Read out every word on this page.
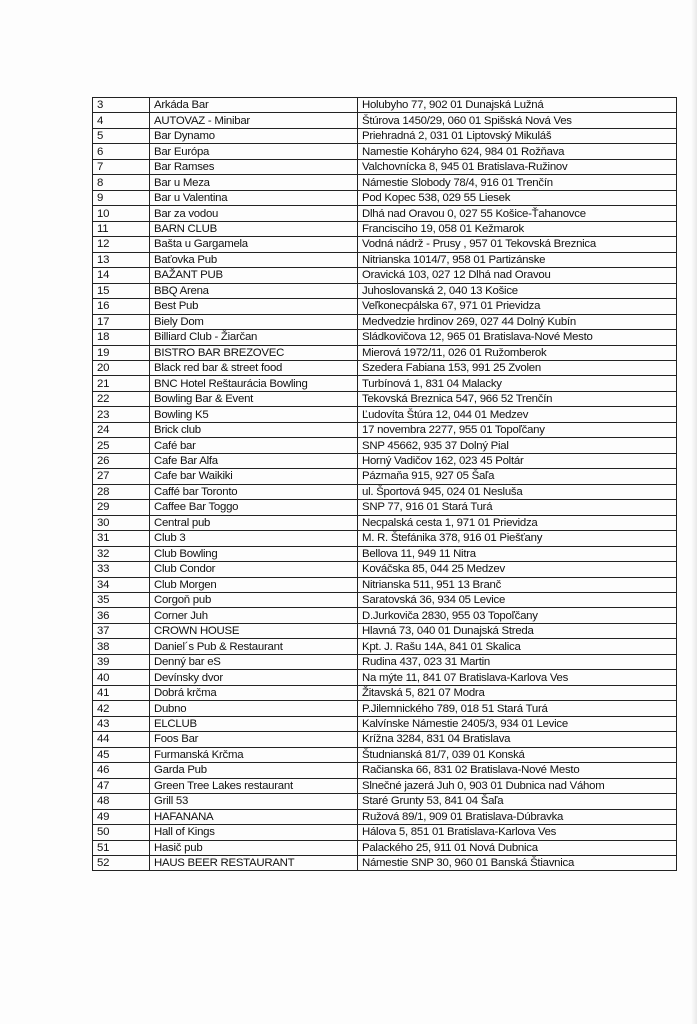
3	Arkáda Bar	Holubyho 77, 902 01 Dunajská Lužná
4	AUTOVAZ - Minibar	Štúrova 1450/29, 060 01 Spišská Nová Ves
5	Bar Dynamo	Priehradná 2, 031 01 Liptovský Mikuláš
6	Bar Európa	Namestie Koháryho 624, 984 01 Rožňava
7	Bar Ramses	Valchovnícka 8, 945 01 Bratislava-Ružinov
8	Bar u Meza	Námestie Slobody 78/4, 916 01 Trenčín
9	Bar u Valentina	Pod Kopec 538, 029 55 Liesek
10	Bar za vodou	Dlhá nad Oravou 0, 027 55 Košice-Ťahanovce
11	BARN CLUB	Francisciho 19, 058 01 Kežmarok
12	Bašta u Gargamela	Vodná nádrž - Prusy , 957 01 Tekovská Breznica
13	Baťovka Pub	Nitrianska 1014/7, 958 01 Partizánske
14	BAŽANT PUB	Oravická 103, 027 12 Dlhá nad Oravou
15	BBQ Arena	Juhoslovanská 2, 040 13 Košice
16	Best Pub	Veľkonecpálska 67, 971 01 Prievidza
17	Biely Dom	Medvedzie hrdinov 269, 027 44 Dolný Kubín
18	Billiard Club - Žiarčan	Sládkovičova 12, 965 01 Bratislava-Nové Mesto
19	BISTRO BAR BREZOVEC	Mierová 1972/11, 026 01 Ružomberok
20	Black red bar & street food	Szedera Fabiana 153, 991 25 Zvolen
21	BNC Hotel Reštaurácia Bowling	Turbínová 1, 831 04 Malacky
22	Bowling Bar & Event	Tekovská Breznica 547, 966 52 Trenčín
23	Bowling K5	Ľudovíta Štúra 12, 044 01 Medzev
24	Brick club	17 novembra 2277, 955 01 Topoľčany
25	Café bar	SNP 45662, 935 37 Dolný Pial
26	Cafe Bar Alfa	Horný Vadičov 162, 023 45 Poltár
27	Cafe bar Waikiki	Pázmaňa 915, 927 05 Šaľa
28	Caffé bar Toronto	ul. Športová 945, 024 01 Nesluša
29	Caffee Bar Toggo	SNP 77, 916 01 Stará Turá
30	Central pub	Necpalská cesta 1, 971 01 Prievidza
31	Club 3	M. R. Štefánika 378, 916 01 Piešťany
32	Club Bowling	Bellova 11, 949 11 Nitra
33	Club Condor	Kováčska 85, 044 25 Medzev
34	Club Morgen	Nitrianska 511, 951 13 Branč
35	Corgoň pub	Saratovská 36, 934 05 Levice
36	Corner Juh	D.Jurkoviča 2830, 955 03 Topoľčany
37	CROWN HOUSE	Hlavná 73, 040 01 Dunajská Streda
38	Daniel´s Pub & Restaurant	Kpt. J. Rašu 14A, 841 01 Skalica
39	Denný bar eS	Rudina 437, 023 31 Martin
40	Devínsky dvor	Na mýte 11, 841 07 Bratislava-Karlova Ves
41	Dobrá krčma	Žitavská 5, 821 07 Modra
42	Dubno	P.Jilemnického 789, 018 51 Stará Turá
43	ELCLUB	Kalvínske Námestie 2405/3, 934 01 Levice
44	Foos Bar	Krížna 3284, 831 04 Bratislava
45	Furmanská Krčma	Študnianská 81/7, 039 01 Konská
46	Garda Pub	Račianska 66, 831 02 Bratislava-Nové Mesto
47	Green Tree Lakes restaurant	Slnečné jazerá Juh 0, 903 01 Dubnica nad Váhom
48	Grill 53	Staré Grunty 53, 841 04 Šaľa
49	HAFANANA	Ružová 89/1, 909 01 Bratislava-Dúbravka
50	Hall of Kings	Hálova 5, 851 01 Bratislava-Karlova Ves
51	Hasič pub	Palackého 25, 911 01 Nová Dubnica
52	HAUS BEER RESTAURANT	Námestie SNP 30, 960 01 Banská Štiavnica
